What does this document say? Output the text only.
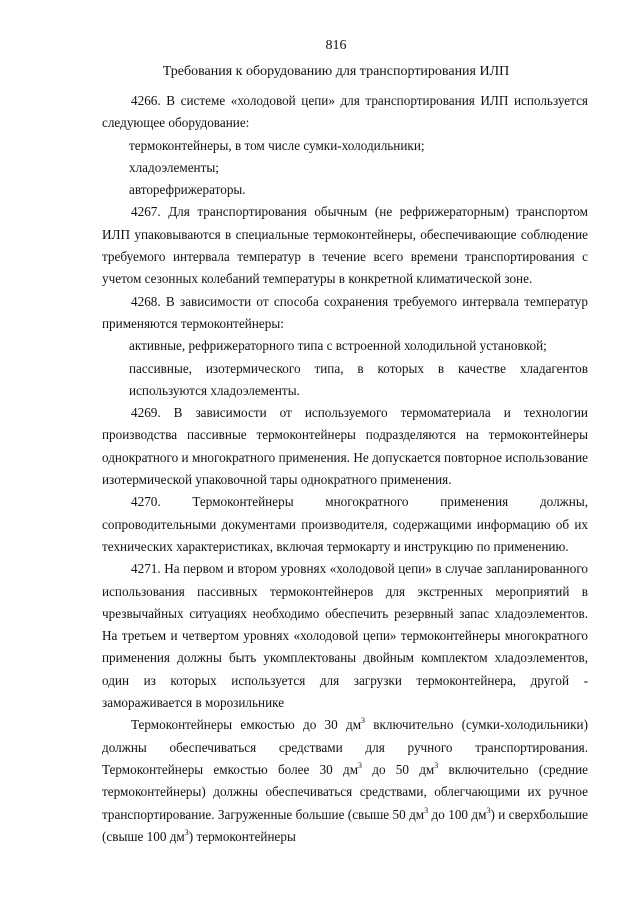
816
Требования к оборудованию для транспортирования ИЛП

4266. В системе «холодовой цепи» для транспортирования ИЛП используется следующее оборудование:

термоконтейнеры, в том числе сумки-холодильники;

хладоэлементы;

авторефрижераторы.

4267. Для транспортирования обычным (не рефрижераторным) транспортом ИЛП упаковываются в специальные термоконтейнеры, обеспечивающие соблюдение требуемого интервала температур в течение всего времени транспортирования с учетом сезонных колебаний температуры в конкретной климатической зоне.

4268. В зависимости от способа сохранения требуемого интервала температур применяются термоконтейнеры:

активные, рефрижераторного типа с встроенной холодильной установкой;

пассивные, изотермического типа, в которых в качестве хладагентов используются хладоэлементы.

4269. В зависимости от используемого термоматериала и технологии производства пассивные термоконтейнеры подразделяются на термоконтейнеры однократного и многократного применения. Не допускается повторное использование изотермической упаковочной тары однократного применения.

4270. Термоконтейнеры многократного применения должны, сопроводительными документами производителя, содержащими информацию об их технических характеристиках, включая термокарту и инструкцию по применению.

4271. На первом и втором уровнях «холодовой цепи» в случае запланированного использования пассивных термоконтейнеров для экстренных мероприятий в чрезвычайных ситуациях необходимо обеспечить резервный запас хладоэлементов. На третьем и четвертом уровнях «холодовой цепи» термоконтейнеры многократного применения должны быть укомплектованы двойным комплектом хладоэлементов, один из которых используется для загрузки термоконтейнера, другой - замораживается в морозильнике

Термоконтейнеры емкостью до 30 $дм^3$ включительно (сумки-холодильники) должны обеспечиваться средствами для ручного транспортирования. Термоконтейнеры емкостью более 30 $дм^3$ до 50 $дм^3$ включительно (средние термоконтейнеры) должны обеспечиваться средствами, облегчающими их ручное транспортирование. Загруженные большие (свыше 50 $дм^3$ до 100 $дм^3$) и сверхбольшие (свыше 100 $дм^3$) термоконтейнеры
